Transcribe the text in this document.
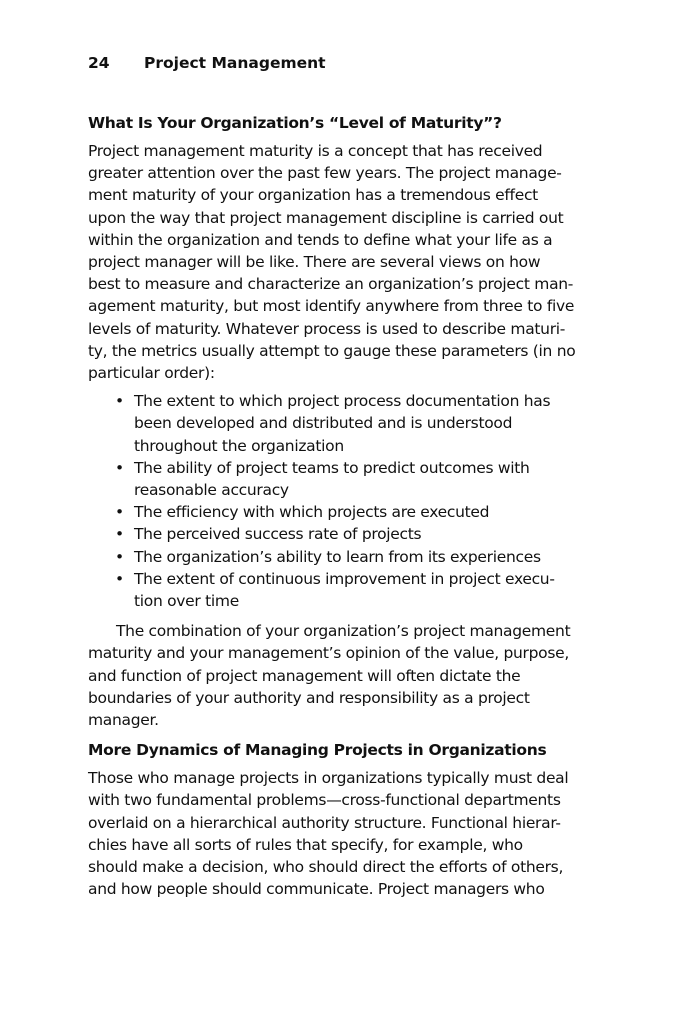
24 Project Management
What Is Your Organization’s “Level of Maturity”?
Project management maturity is a concept that has received
greater attention over the past few years. The project manage-
ment maturity of your organization has a tremendous effect
upon the way that project management discipline is carried out
within the organization and tends to define what your life as a
project manager will be like. There are several views on how
best to measure and characterize an organization’s project man-
agement maturity, but most identify anywhere from three to five
levels of maturity. Whatever process is used to describe maturi-
ty, the metrics usually attempt to gauge these parameters (in no
particular order):
• The extent to which project process documentation has
been developed and distributed and is understood
throughout the organization
• The ability of project teams to predict outcomes with
reasonable accuracy
• The efficiency with which projects are executed
• The perceived success rate of projects
• The organization’s ability to learn from its experiences
• The extent of continuous improvement in project execu-
tion over time
The combination of your organization’s project management
maturity and your management’s opinion of the value, purpose,
and function of project management will often dictate the
boundaries of your authority and responsibility as a project
manager.
More Dynamics of Managing Projects in Organizations
Those who manage projects in organizations typically must deal
with two fundamental problems—cross-functional departments
overlaid on a hierarchical authority structure. Functional hierar-
chies have all sorts of rules that specify, for example, who
should make a decision, who should direct the efforts of others,
and how people should communicate. Project managers who
